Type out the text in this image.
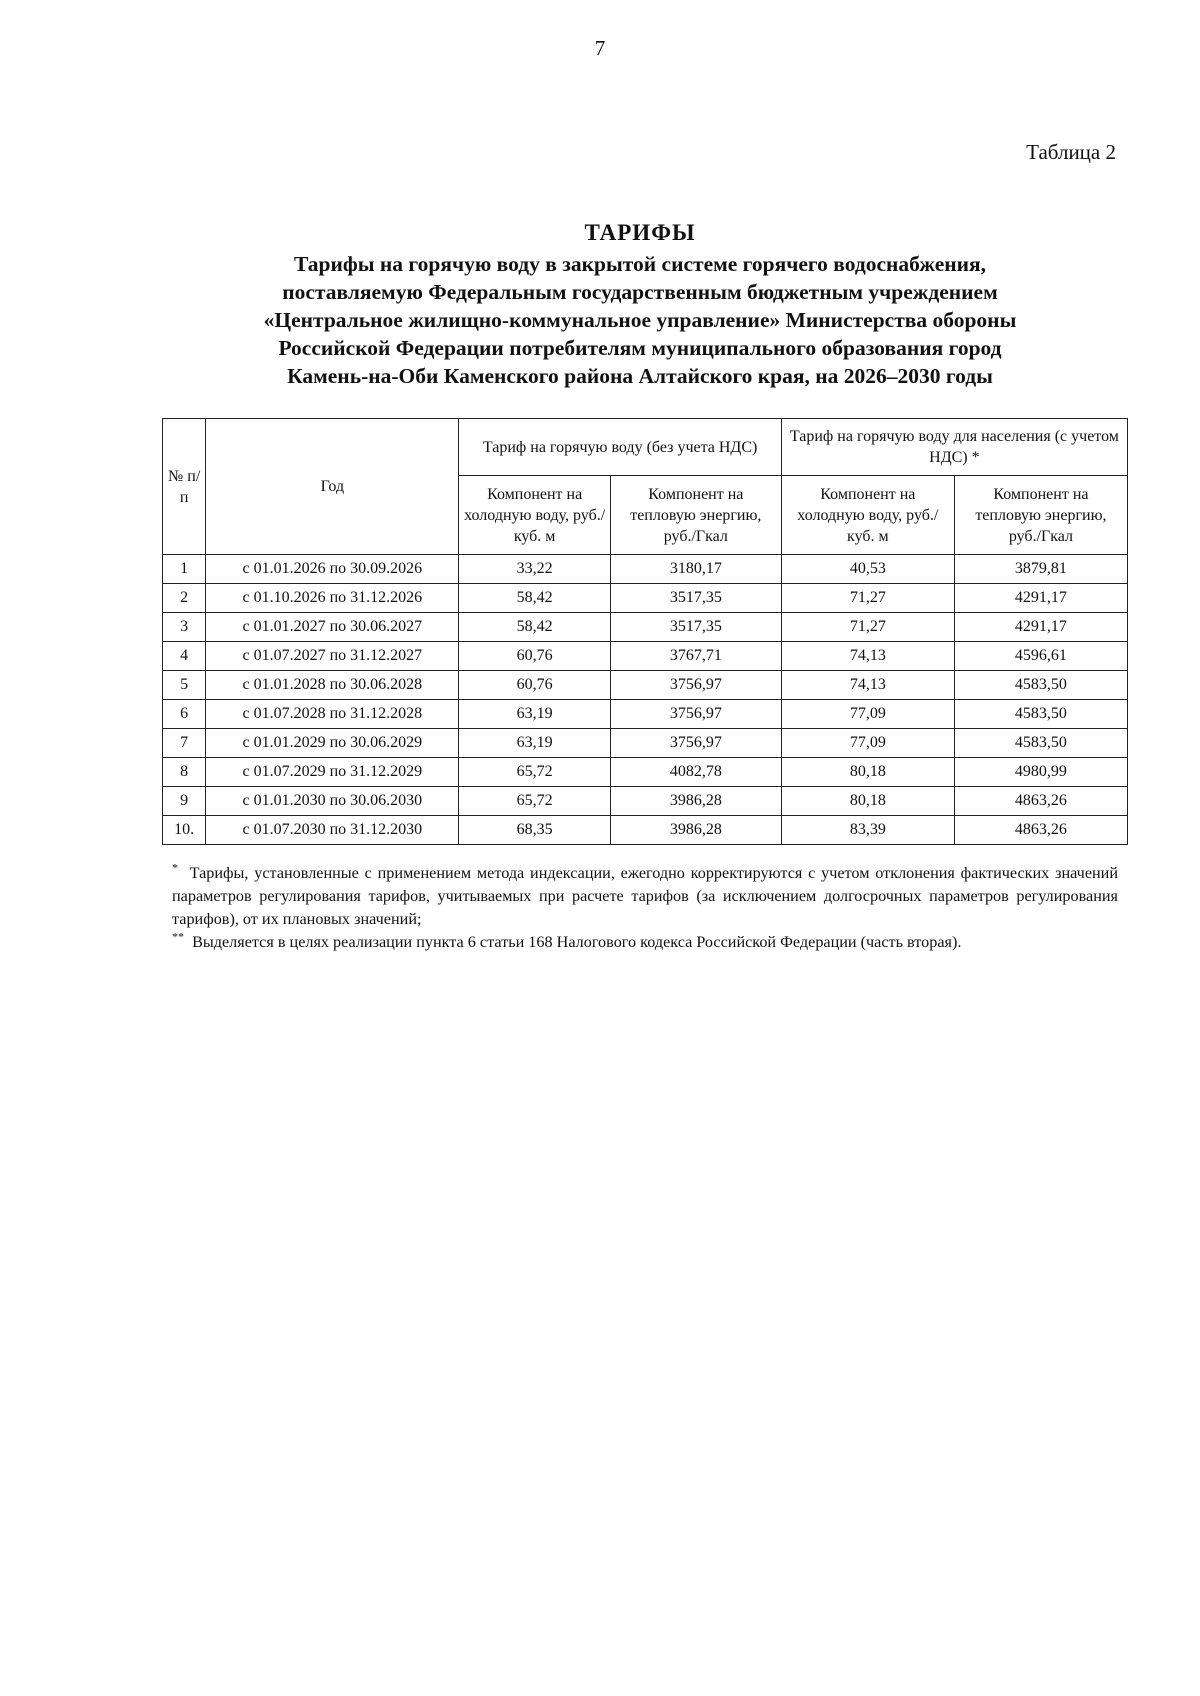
7
Таблица 2
ТАРИФЫ
Тарифы на горячую воду в закрытой системе горячего водоснабжения,
поставляемую Федеральным государственным бюджетным учреждением
«Центральное жилищно-коммунальное управление» Министерства обороны
Российской Федерации потребителям муниципального образования город
Камень-на-Оби Каменского района Алтайского края, на 2026–2030 годы
№ п/п	Год	Тариф на горячую воду (без учета НДС)		Тариф на горячую воду для населения (с учетом НДС) *	
		Компонент на холодную воду, руб./куб. м	Компонент на тепловую энергию, руб./Гкал	Компонент на холодную воду, руб./куб. м	Компонент на тепловую энергию, руб./Гкал
1	с 01.01.2026 по 30.09.2026	33,22	3180,17	40,53	3879,81
2	с 01.10.2026 по 31.12.2026	58,42	3517,35	71,27	4291,17
3	с 01.01.2027 по 30.06.2027	58,42	3517,35	71,27	4291,17
4	с 01.07.2027 по 31.12.2027	60,76	3767,71	74,13	4596,61
5	с 01.01.2028 по 30.06.2028	60,76	3756,97	74,13	4583,50
6	с 01.07.2028 по 31.12.2028	63,19	3756,97	77,09	4583,50
7	с 01.01.2029 по 30.06.2029	63,19	3756,97	77,09	4583,50
8	с 01.07.2029 по 31.12.2029	65,72	4082,78	80,18	4980,99
9	с 01.01.2030 по 30.06.2030	65,72	3986,28	80,18	4863,26
10.	с 01.07.2030 по 31.12.2030	68,35	3986,28	83,39	4863,26

* Тарифы, установленные с применением метода индексации, ежегодно корректируются с учетом отклонения фактических значений параметров регулирования тарифов, учитываемых при расчете тарифов (за исключением долгосрочных параметров регулирования тарифов), от их плановых значений;

** Выделяется в целях реализации пункта 6 статьи 168 Налогового кодекса Российской Федерации (часть вторая).
